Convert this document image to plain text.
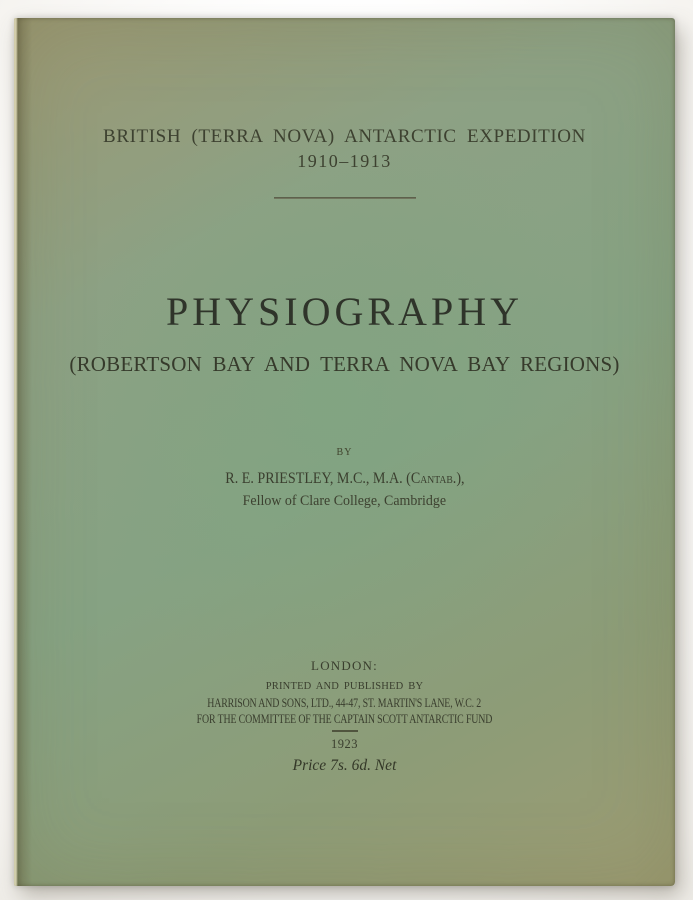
BRITISH (TERRA NOVA) ANTARCTIC EXPEDITION
1910–1913
PHYSIOGRAPHY
(ROBERTSON BAY AND TERRA NOVA BAY REGIONS)
BY
R. E. PRIESTLEY, M.C., M.A. (Cantab.),
Fellow of Clare College, Cambridge
LONDON:
PRINTED AND PUBLISHED BY
HARRISON AND SONS, LTD., 44-47, ST. MARTIN'S LANE, W.C. 2
FOR THE COMMITTEE OF THE CAPTAIN SCOTT ANTARCTIC FUND
1923
Price 7s. 6d. Net
